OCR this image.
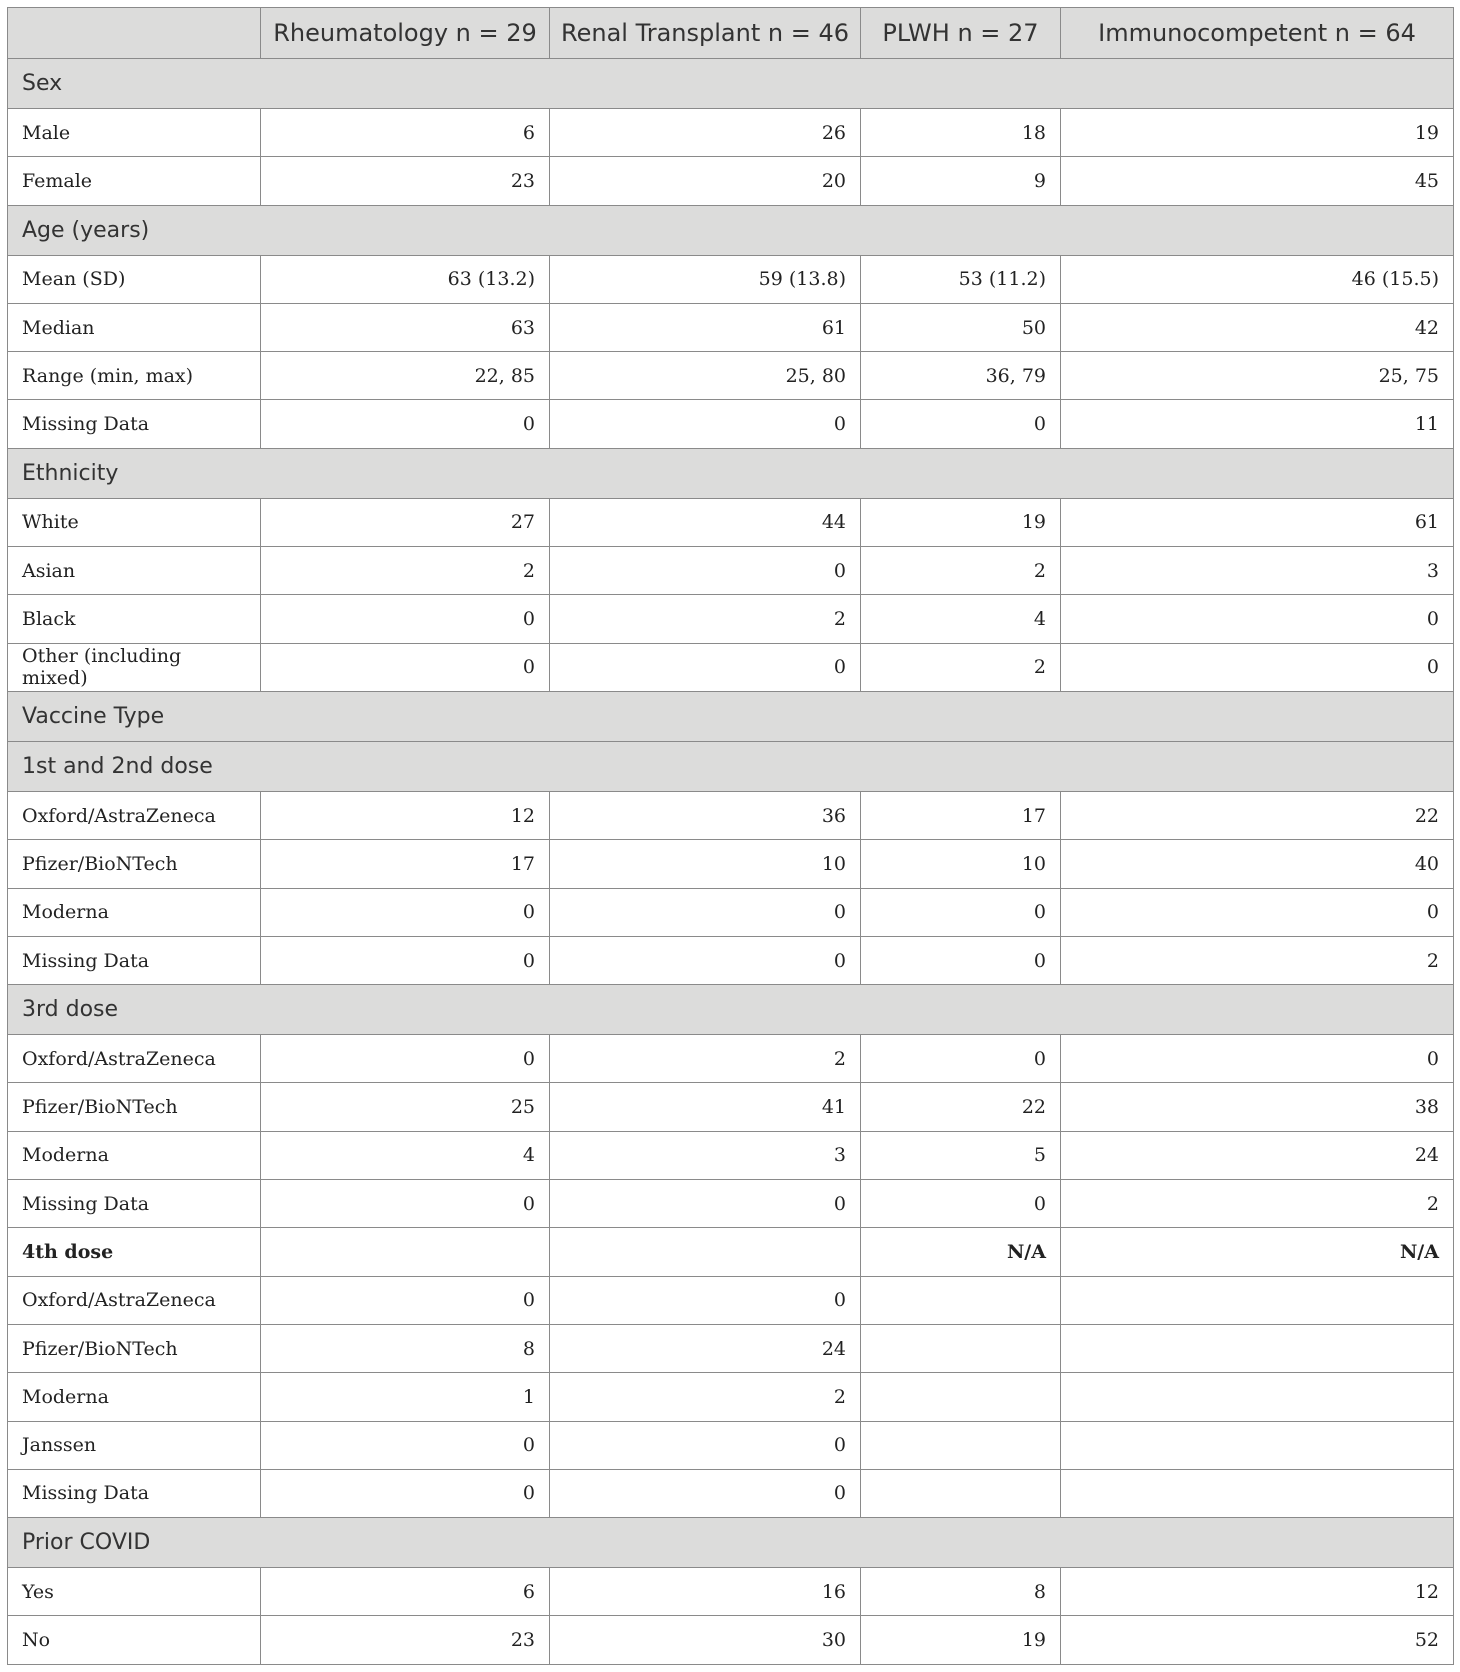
	Rheumatology n = 29	Renal Transplant n = 46	PLWH n = 27	Immunocompetent n = 64
Sex				
Male	6	26	18	19
Female	23	20	9	45
Age (years)				
Mean (SD)	63 (13.2)	59 (13.8)	53 (11.2)	46 (15.5)
Median	63	61	50	42
Range (min, max)	22, 85	25, 80	36, 79	25, 75
Missing Data	0	0	0	11
Ethnicity				
White	27	44	19	61
Asian	2	0	2	3
Black	0	2	4	0
Other (including mixed)	0	0	2	0
Vaccine Type				
1st and 2nd dose				
Oxford/AstraZeneca	12	36	17	22
Pfizer/BioNTech	17	10	10	40
Moderna	0	0	0	0
Missing Data	0	0	0	2
3rd dose				
Oxford/AstraZeneca	0	2	0	0
Pfizer/BioNTech	25	41	22	38
Moderna	4	3	5	24
Missing Data	0	0	0	2
4th dose			N/A	N/A
Oxford/AstraZeneca	0	0		
Pfizer/BioNTech	8	24		
Moderna	1	2		
Janssen	0	0		
Missing Data	0	0		
Prior COVID				
Yes	6	16	8	12
No	23	30	19	52
